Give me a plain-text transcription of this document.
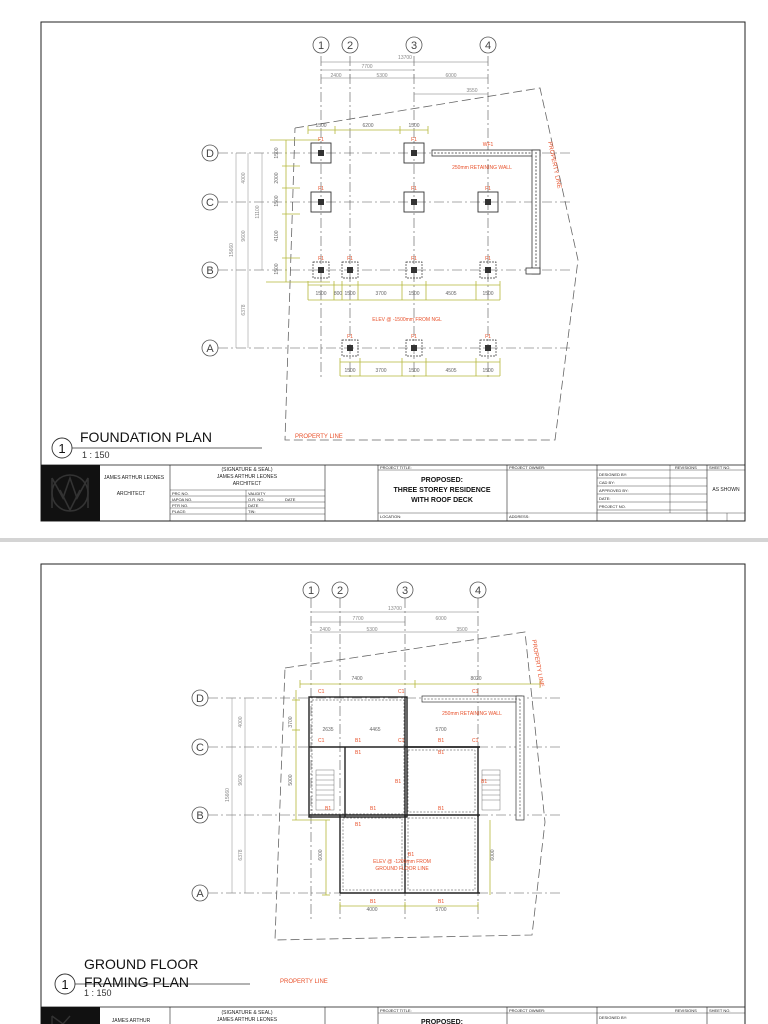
1 2	3	4
D
C
B
A
13700
7700
2400	5300	6000
3550
1500	6200	1500
1500
2000
4100
1500
1500
15660
4000
9600
6378
11100
F1	F1
F1	F1	F1
F1	F1	F1	F1
F1	F1	F1
WF1
250mm RETAINING WALL
1500 800 1500	3700	1500	4505	1500
ELEV @ -1500mm FROM NGL
1500	3700	1500	4505	1500
PROPERTY LINE
PROPERTY LINE
1
FOUNDATION PLAN
1 : 150
JAMES ARTHUR LEONES
ARCHITECT
(SIGNATURE & SEAL)
JAMES ARTHUR LEONES
ARCHITECT
PRC NO.
IAPOA NO.
PTR NO.
PLACE:
VALIDITY
O.R. NO.
DATE
TIN:
DATE
PROJECT TITLE:
PROPOSED:
THREE STOREY RESIDENCE
WITH ROOF DECK
LOCATION:
PROJECT OWNER:
ADDRESS:
DESIGNED BY:
CAD BY:
APPROVED BY:
DATE:
PROJECT NO.
REVISIONS	SHEET NO.
AS SHOWN
1 2	3	4
D
C
B
A
13700
7700
2400	5300
6000
3500
7400	8020
250mm RETAINING WALL
C1	C1	C1
C1	C1	C1
B1	B1
B1	B1
B1	B1
B1
B1
B1
B1	B1
B1	B1
3700
5000
6000	6000
15660
4000
9600
6378
2635	4465	5700
ELEV @ -1200mm FROM
GROUND FLOOR LINE
4000	5700
PROPERTY LINE
PROPERTY LINE
1
GROUND FLOOR
FRAMING PLAN
1 : 150
JAMES ARTHUR
(SIGNATURE & SEAL)
JAMES ARTHUR LEONES
PROJECT TITLE:
PROPOSED:
PROJECT OWNER:
DESIGNED BY:
REVISIONS	SHEET NO.
